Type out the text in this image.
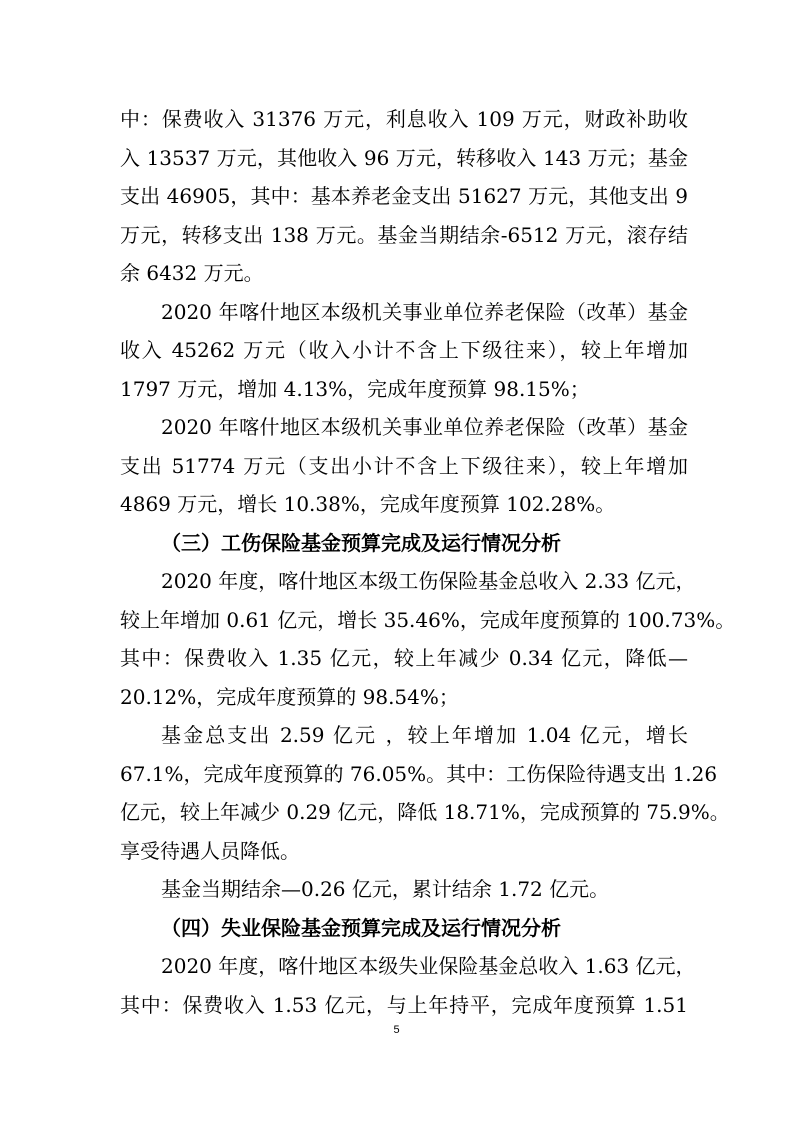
中：保费收入 31376 万元，利息收入 109 万元，财政补助收
入 13537 万元，其他收入 96 万元，转移收入 143 万元；基金
支出 46905，其中：基本养老金支出 51627 万元，其他支出 9
万元，转移支出 138 万元。基金当期结余-6512 万元，滚存结
余 6432 万元。
2020 年喀什地区本级机关事业单位养老保险（改革）基金
收入 45262 万元（收入小计不含上下级往来），较上年增加
1797 万元，增加 4.13%，完成年度预算 98.15%；
2020 年喀什地区本级机关事业单位养老保险（改革）基金
支出 51774 万元（支出小计不含上下级往来），较上年增加
4869 万元，增长 10.38%，完成年度预算 102.28%。
（三）工伤保险基金预算完成及运行情况分析
2020 年度，喀什地区本级工伤保险基金总收入 2.33 亿元，
较上年增加 0.61 亿元，增长 35.46%，完成年度预算的 100.73%。
其中：保费收入 1.35 亿元，较上年减少 0.34 亿元，降低—
20.12%，完成年度预算的 98.54%；
基金总支出 2.59 亿元 ，较上年增加 1.04 亿元，增长
67.1%，完成年度预算的 76.05%。其中：工伤保险待遇支出 1.26
亿元，较上年减少 0.29 亿元，降低 18.71%，完成预算的 75.9%。
享受待遇人员降低。
基金当期结余—0.26 亿元，累计结余 1.72 亿元。
（四）失业保险基金预算完成及运行情况分析
2020 年度，喀什地区本级失业保险基金总收入 1.63 亿元，
其中：保费收入 1.53 亿元，与上年持平，完成年度预算 1.51
5
